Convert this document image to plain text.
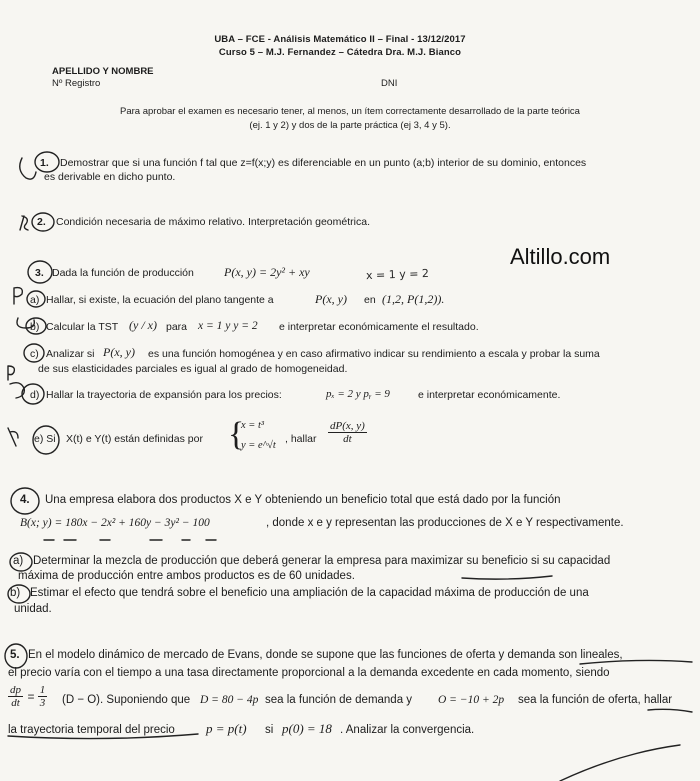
UBA – FCE - Análisis Matemático II – Final - 13/12/2017
Curso 5 – M.J. Fernandez – Cátedra Dra. M.J. Bianco
APELLIDO Y NOMBRE
Nº Registro	DNI
Para aprobar el examen es necesario tener, al menos, un ítem correctamente desarrollado de la parte teórica
(ej. 1 y 2) y dos de la parte práctica (ej 3, 4 y 5).
Altillo.com
1. Demostrar que si una función f tal que z=f(x;y) es diferenciable en un punto (a;b) interior de su dominio, entonces
es derivable en dicho punto.
2. Condición necesaria de máximo relativo. Interpretación geométrica.
3. Dada la función de producción	P(x, y) = 2y² + xy	x = 1 y = 2
a) Hallar, si existe, la ecuación del plano tangente a	P(x, y) en (1,2, P(1,2)).
b) Calcular la TST (y / x) para x = 1 y y = 2 e interpretar económicamente el resultado.
c) Analizar si P(x, y) es una función homogénea y en caso afirmativo indicar su rendimiento a escala y probar la suma
de sus elasticidades parciales es igual al grado de homogeneidad.
d) Hallar la trayectoria de expansión para los precios:	pₓ = 2 y pᵧ = 9	e interpretar económicamente.
e) Si X(t) e Y(t) están definidas por {
x = t³
y = e^√t
, hallar $\frac{dP(x, y)}{dt}$
4. Una empresa elabora dos productos X e Y obteniendo un beneficio total que está dado por la función
B(x; y) = 180x − 2x² + 160y − 3y² − 100	, donde x e y representan las producciones de X e Y respectivamente.
a) Determinar la mezcla de producción que deberá generar la empresa para maximizar su beneficio si su capacidad
máxima de producción entre ambos productos es de 60 unidades.
b) Estimar el efecto que tendrá sobre el beneficio una ampliación de la capacidad máxima de producción de una
unidad.
5. En el modelo dinámico de mercado de Evans, donde se supone que las funciones de oferta y demanda son lineales,
el precio varía con el tiempo a una tasa directamente proporcional a la demanda excedente en cada momento, siendo
$\frac{dp}{dt} = \frac{1}{3} (D - O)$. Suponiendo que D = 80 − 4p sea la función de demanda y O = −10 + 2p sea la función de oferta, hallar
la trayectoria temporal del precio p = p(t) si p(0) = 18 . Analizar la convergencia.
